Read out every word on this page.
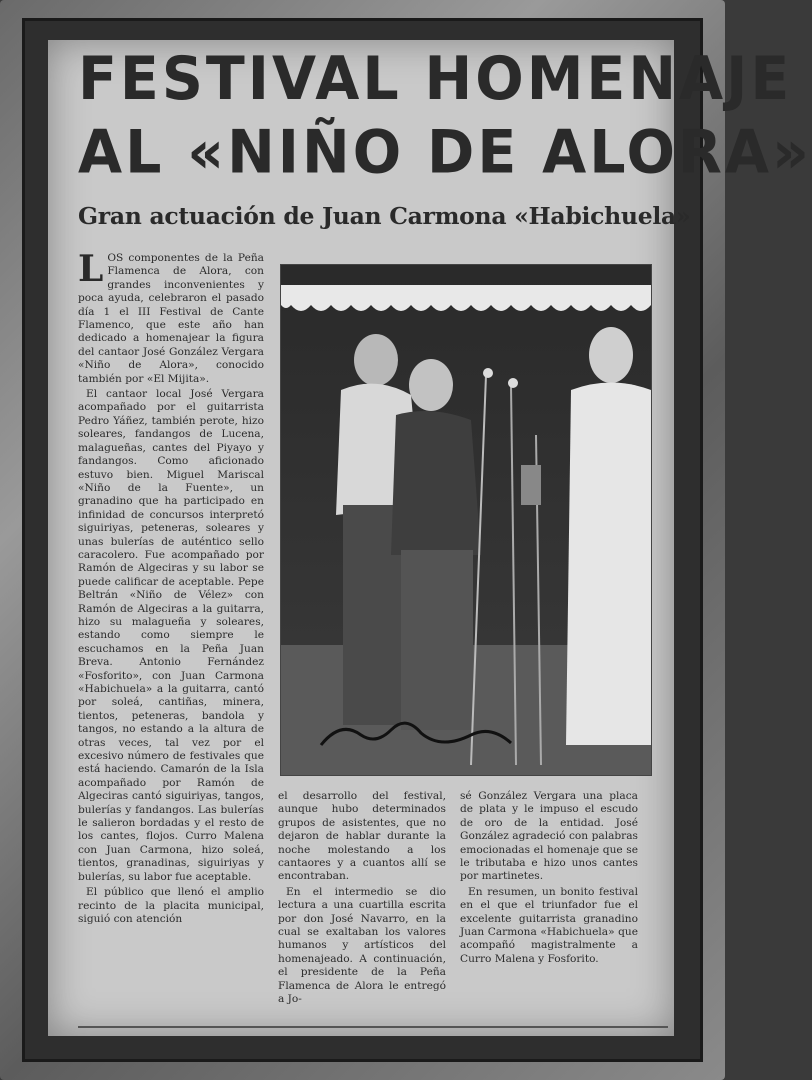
FESTIVAL HOMENAJE
AL «NIÑO DE ALORA»
Gran actuación de Juan Carmona «Habichuela»

LOS componentes de la Peña Flamenca de Alora, con grandes inconvenientes y poca ayuda, celebraron el pasado día 1 el III Festival de Cante Flamenco, que este año han dedicado a homenajear la figura del cantaor José González Vergara «Niño de Alora», conocido también por «El Mijita».

El cantaor local José Vergara acompañado por el guitarrista Pedro Yáñez, también perote, hizo soleares, fandangos de Lucena, malagueñas, cantes del Piyayo y fandangos. Como aficionado estuvo bien. Miguel Mariscal «Niño de la Fuente», un granadino que ha participado en infinidad de concursos interpretó siguiriyas, peteneras, soleares y unas bulerías de auténtico sello caracolero. Fue acompañado por Ramón de Algeciras y su labor se puede calificar de aceptable. Pepe Beltrán «Niño de Vélez» con Ramón de Algeciras a la guitarra, hizo su malagueña y soleares, estando como siempre le escuchamos en la Peña Juan Breva. Antonio Fernández «Fosforito», con Juan Carmona «Habichuela» a la guitarra, cantó por soleá, cantiñas, minera, tientos, peteneras, bandola y tangos, no estando a la altura de otras veces, tal vez por el excesivo número de festivales que está haciendo. Camarón de la Isla acompañado por Ramón de Algeciras cantó siguiriyas, tangos, bulerías y fandangos. Las bulerías le salieron bordadas y el resto de los cantes, flojos. Curro Malena con Juan Carmona, hizo soleá, tientos, granadinas, siguiriyas y bulerías, su labor fue aceptable.

El público que llenó el amplio recinto de la placita municipal, siguió con atención

el desarrollo del festival, aunque hubo determinados grupos de asistentes, que no dejaron de hablar durante la noche molestando a los cantaores y a cuantos allí se encontraban.

En el intermedio se dio lectura a una cuartilla escrita por don José Navarro, en la cual se exaltaban los valores humanos y artísticos del homenajeado. A continuación, el presidente de la Peña Flamenca de Alora le entregó a Jo-

sé González Vergara una placa de plata y le impuso el escudo de oro de la entidad. José González agradeció con palabras emocionadas el homenaje que se le tributaba e hizo unos cantes por martinetes.

En resumen, un bonito festival en el que el triunfador fue el excelente guitarrista granadino Juan Carmona «Habichuela» que acompañó magistralmente a Curro Malena y Fosforito.
